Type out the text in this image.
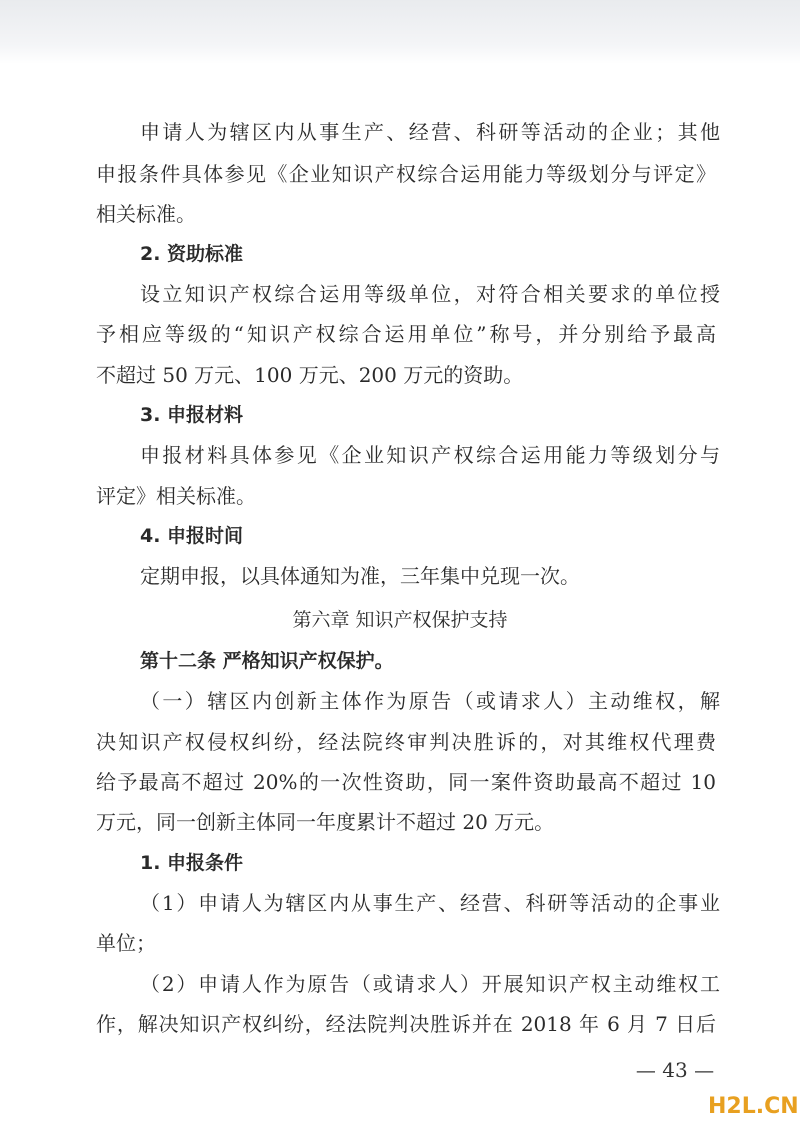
申请人为辖区内从事生产、经营、科研等活动的企业；其他
申报条件具体参见《企业知识产权综合运用能力等级划分与评定》
相关标准。
2. 资助标准
设立知识产权综合运用等级单位，对符合相关要求的单位授
予相应等级的“知识产权综合运用单位”称号，并分别给予最高
不超过 50 万元、100 万元、200 万元的资助。
3. 申报材料
申报材料具体参见《企业知识产权综合运用能力等级划分与
评定》相关标准。
4. 申报时间
定期申报，以具体通知为准，三年集中兑现一次。
第六章 知识产权保护支持
第十二条 严格知识产权保护。
（一）辖区内创新主体作为原告（或请求人）主动维权，解
决知识产权侵权纠纷，经法院终审判决胜诉的，对其维权代理费
给予最高不超过 20%的一次性资助，同一案件资助最高不超过 10
万元，同一创新主体同一年度累计不超过 20 万元。
1. 申报条件
（1）申请人为辖区内从事生产、经营、科研等活动的企事业
单位；
（2）申请人作为原告（或请求人）开展知识产权主动维权工
作，解决知识产权纠纷，经法院判决胜诉并在 2018 年 6 月 7 日后
— 43 —
H2L.CN
